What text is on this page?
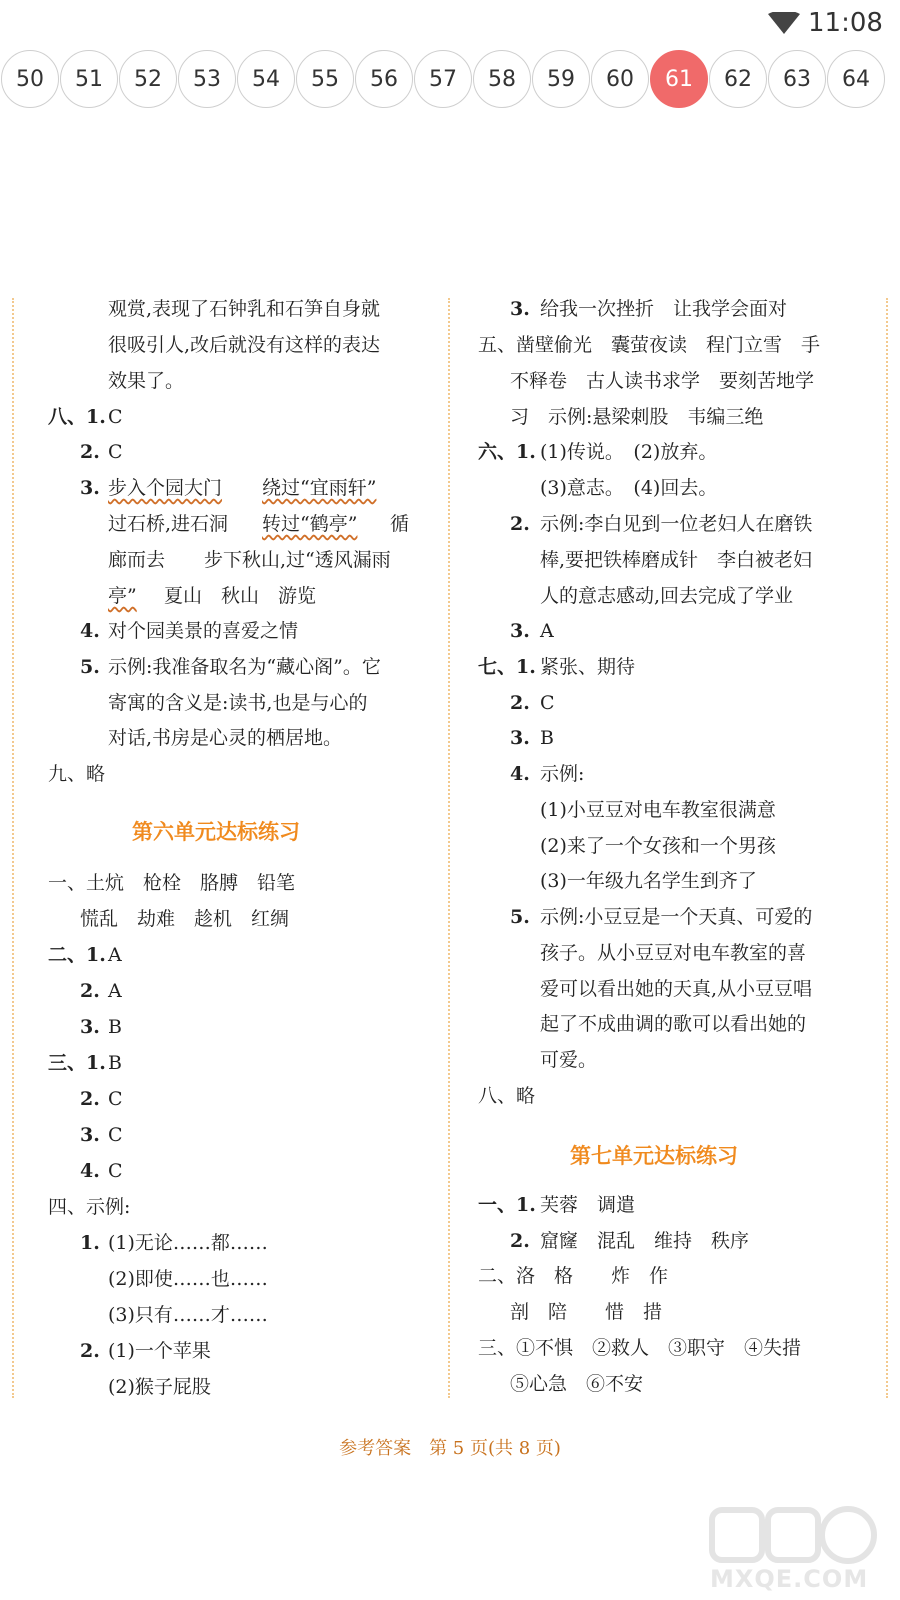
11:08
50	51	52	53	54	55	56	57	58	59	60	61	62	63	64
观赏,表现了石钟乳和石笋自身就
很吸引人,改后就没有这样的表达
效果了。
八、1. C
2. C
3. 步入个园大门 绕过“宜雨轩”
过石桥,进石洞 转过“鹤亭” 循
廊而去 步下秋山,过“透风漏雨
亭” 夏山　秋山　游览
4. 对个园美景的喜爱之情
5. 示例:我准备取名为“藏心阁”。它
寄寓的含义是:读书,也是与心的
对话,书房是心灵的栖居地。
九、略
第六单元达标练习
一、土炕　枪栓　胳膊　铅笔
慌乱　劫难　趁机　红绸
二、1. A
2. A
3. B
三、1. B
2. C
3. C
4. C
四、示例:
1. (1)无论……都……
(2)即使……也……
(3)只有……才……
2. (1)一个苹果
(2)猴子屁股
3. 给我一次挫折　让我学会面对
五、凿壁偷光　囊萤夜读　程门立雪　手
不释卷　古人读书求学　要刻苦地学
习　示例:悬梁刺股　韦编三绝
六、1. (1)传说。　(2)放弃。
(3)意志。　(4)回去。
2. 示例:李白见到一位老妇人在磨铁
棒,要把铁棒磨成针　李白被老妇
人的意志感动,回去完成了学业
3. A
七、1. 紧张、期待
2. C
3. B
4. 示例:
(1)小豆豆对电车教室很满意
(2)来了一个女孩和一个男孩
(3)一年级九名学生到齐了
5. 示例:小豆豆是一个天真、可爱的
孩子。从小豆豆对电车教室的喜
爱可以看出她的天真,从小豆豆唱
起了不成曲调的歌可以看出她的
可爱。
八、略
第七单元达标练习
一、1. 芙蓉　调遣
2. 窟窿　混乱　维持　秩序
二、洛　格　　炸　作
剖　陪　　惜　措
三、①不惧　②救人　③职守　④失措
⑤心急　⑥不安
参考答案　第 5 页(共 8 页)
MXQE.COM
